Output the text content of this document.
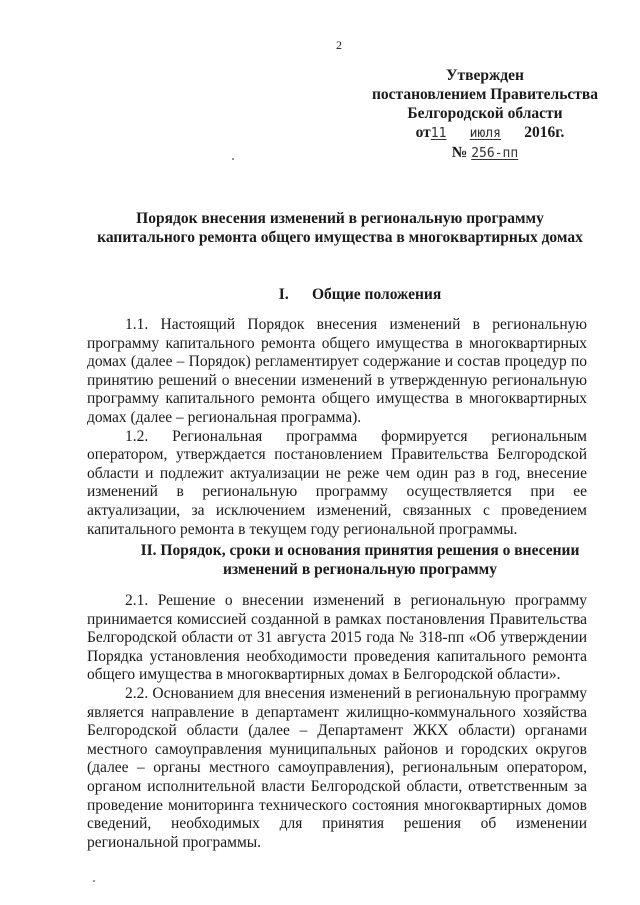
2
Утвержден
постановлением Правительства
Белгородской области
от11 июля 2016г.
№ 256-пп
Порядок внесения изменений в региональную программу
капитального ремонта общего имущества в многоквартирных домах
I.      Общие положения

1.1. Настоящий Порядок внесения изменений в региональную программу капитального ремонта общего имущества в многоквартирных домах (далее – Порядок) регламентирует содержание и состав процедур по принятию решений о внесении изменений в утвержденную региональную программу капитального ремонта общего имущества в многоквартирных домах (далее – региональная программа).

1.2. Региональная программа формируется региональным оператором, утверждается постановлением Правительства Белгородской области и подлежит актуализации не реже чем один раз в год, внесение изменений в региональную программу осуществляется при ее актуализации, за исключением изменений, связанных с проведением капитального ремонта в текущем году региональной программы.

II. Порядок, сроки и основания принятия решения о внесении
изменений в региональную программу

2.1. Решение о внесении изменений в региональную программу принимается комиссией созданной в рамках постановления Правительства Белгородской области от 31 августа 2015 года № 318-пп «Об утверждении Порядка установления необходимости проведения капитального ремонта общего имущества в многоквартирных домах в Белгородской области».

2.2. Основанием для внесения изменений в региональную программу является направление в департамент жилищно-коммунального хозяйства Белгородской области (далее – Департамент ЖКХ области) органами местного самоуправления муниципальных районов и городских округов (далее – органы местного самоуправления), региональным оператором, органом исполнительной власти Белгородской области, ответственным за проведение мониторинга технического состояния многоквартирных домов сведений, необходимых для принятия решения об изменении региональной программы.
